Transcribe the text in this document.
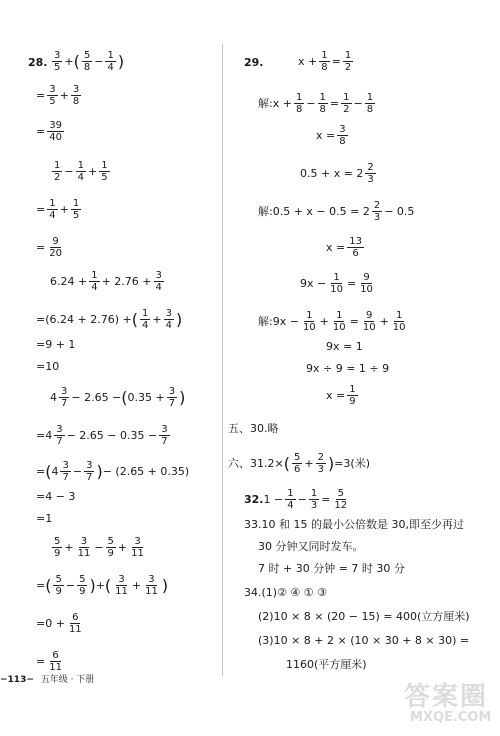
28. $\frac{3}{5}$ + ( $\frac{5}{8} - \frac{1}{4}$ )
= $\frac{3}{5} + \frac{3}{8}$
= $\frac{39}{40}$
$\frac{1}{2} - \frac{1}{4} + \frac{1}{5}$
= $\frac{1}{4} + \frac{1}{5}$
= $\frac{9}{20}$
$6.24 + \frac{1}{4} + 2.76 + \frac{3}{4}$
=(6.24 + 2.76) + ( $\frac{1}{4} + \frac{3}{4}$ )
=9 + 1
=10
$4 \frac{3}{7} - 2.65$ − ( $0.35 + \frac{3}{7}$ )
$=4 \frac{3}{7} - 2.65 - 0.35 - \frac{3}{7}$
= ( $4 \frac{3}{7} - \frac{3}{7}$ ) − (2.65 + 0.35)
=4 − 3
=1
$\frac{5}{9} + \frac{3}{11} - \frac{5}{9} + \frac{3}{11}$
= ( $\frac{5}{9} - \frac{5}{9}$ ) + ( $\frac{3}{11} + \frac{3}{11}$ )
$=0 + \frac{6}{11}$
= $\frac{6}{11}$
29.	$x + \frac{1}{8} = \frac{1}{2}$
解:x + $\frac{1}{8} - \frac{1}{8} = \frac{1}{2} - \frac{1}{8}$
$x = \frac{3}{8}$
$0.5 + x = 2 \frac{2}{3}$
解:0.5 + $x - 0.5 = 2 \frac{2}{3} - 0.5$
$x = \frac{13}{6}$
$9x - \frac{1}{10} = \frac{9}{10}$
解:9x − $\frac{1}{10} + \frac{1}{10} = \frac{9}{10} + \frac{1}{10}$
9x = 1
9x ÷ 9 = 1 ÷ 9
$x = \frac{1}{9}$
五、30.略
六、31.2× ( $\frac{5}{6} + \frac{2}{3}$ ) =3(米)
32. $1 - \frac{1}{4} - \frac{1}{3} = \frac{5}{12}$
33.10 和 15 的最小公倍数是 30,即至少再过
30 分钟又同时发车。
7 时 + 30 分钟 = 7 时 30 分
34.(1)② ④ ① ③
(2)10 × 8 × (20 − 15) = 400(立方厘米)
(3)10 × 8 + 2 × (10 × 30 + 8 × 30) =
1160(平方厘米)
−113− 五年级 · 下册
答案圈
MXQE.COM
